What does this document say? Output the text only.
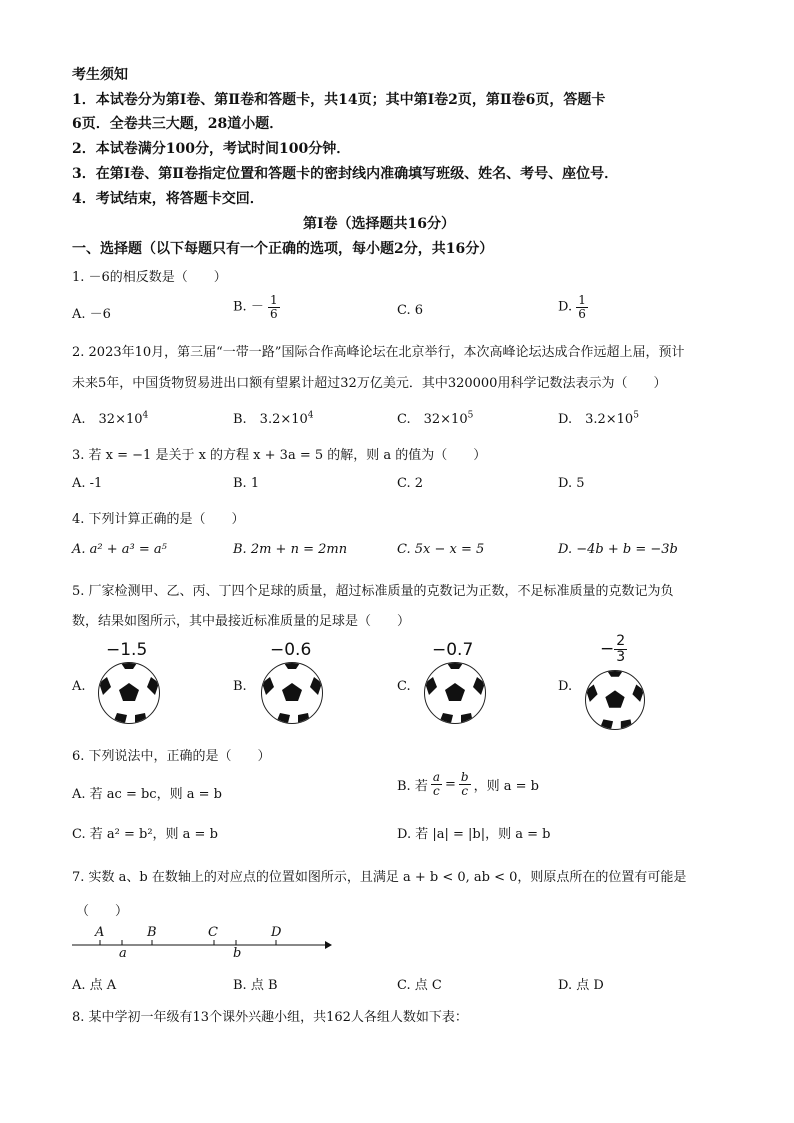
考生须知
1．本试卷分为第Ⅰ卷、第Ⅱ卷和答题卡，共14页；其中第Ⅰ卷2页，第Ⅱ卷6页，答题卡
6页．全卷共三大题，28道小题．
2．本试卷满分100分，考试时间100分钟．
3．在第Ⅰ卷、第Ⅱ卷指定位置和答题卡的密封线内准确填写班级、姓名、考号、座位号．
4．考试结束，将答题卡交回．
第Ⅰ卷（选择题共16分）
一、选择题（以下每题只有一个正确的选项，每小题2分，共16分）
1. －6的相反数是（　　）
A. －6	B. － $\frac{1}{6}$	C. 6	D. $\frac{1}{6}$
2. 2023年10月，第三届“一带一路”国际合作高峰论坛在北京举行，本次高峰论坛达成合作远超上届，预计
未来5年，中国货物贸易进出口额有望累计超过32万亿美元．其中320000用科学记数法表示为（　　）
A.　$32\times 10^4$	B.　$3.2\times 10^4$	C.　$32\times 10^5$	D.　$3.2\times 10^5$
3. 若 x = −1 是关于 x 的方程 x + 3a = 5 的解，则 a 的值为（　　）
A. -1	B. 1	C. 2	D. 5
4. 下列计算正确的是（　　）
A. a² + a³ = a⁵	B. 2m + n = 2mn	C. 5x − x = 5	D. −4b + b = −3b
5. 厂家检测甲、乙、丙、丁四个足球的质量，超过标准质量的克数记为正数，不足标准质量的克数记为负
数，结果如图所示，其中最接近标准质量的足球是（　　）
A.
−1.5
B.
−0.6
C.
−0.7
D.
− $\frac{2}{3}$
6. 下列说法中，正确的是（　　）
A. 若 ac = bc，则 a = b
B. 若 $\frac{a}{c} = \frac{b}{c}$ ，则 a = b
C. 若 a² = b²，则 a = b	D. 若 |a| = |b|，则 a = b
7. 实数 a、b 在数轴上的对应点的位置如图所示，且满足 a + b < 0, ab < 0，则原点所在的位置有可能是
（　　）
A	B	C	D
a	b
A. 点 A	B. 点 B	C. 点 C	D. 点 D
8. 某中学初一年级有13个课外兴趣小组，共162人各组人数如下表：
